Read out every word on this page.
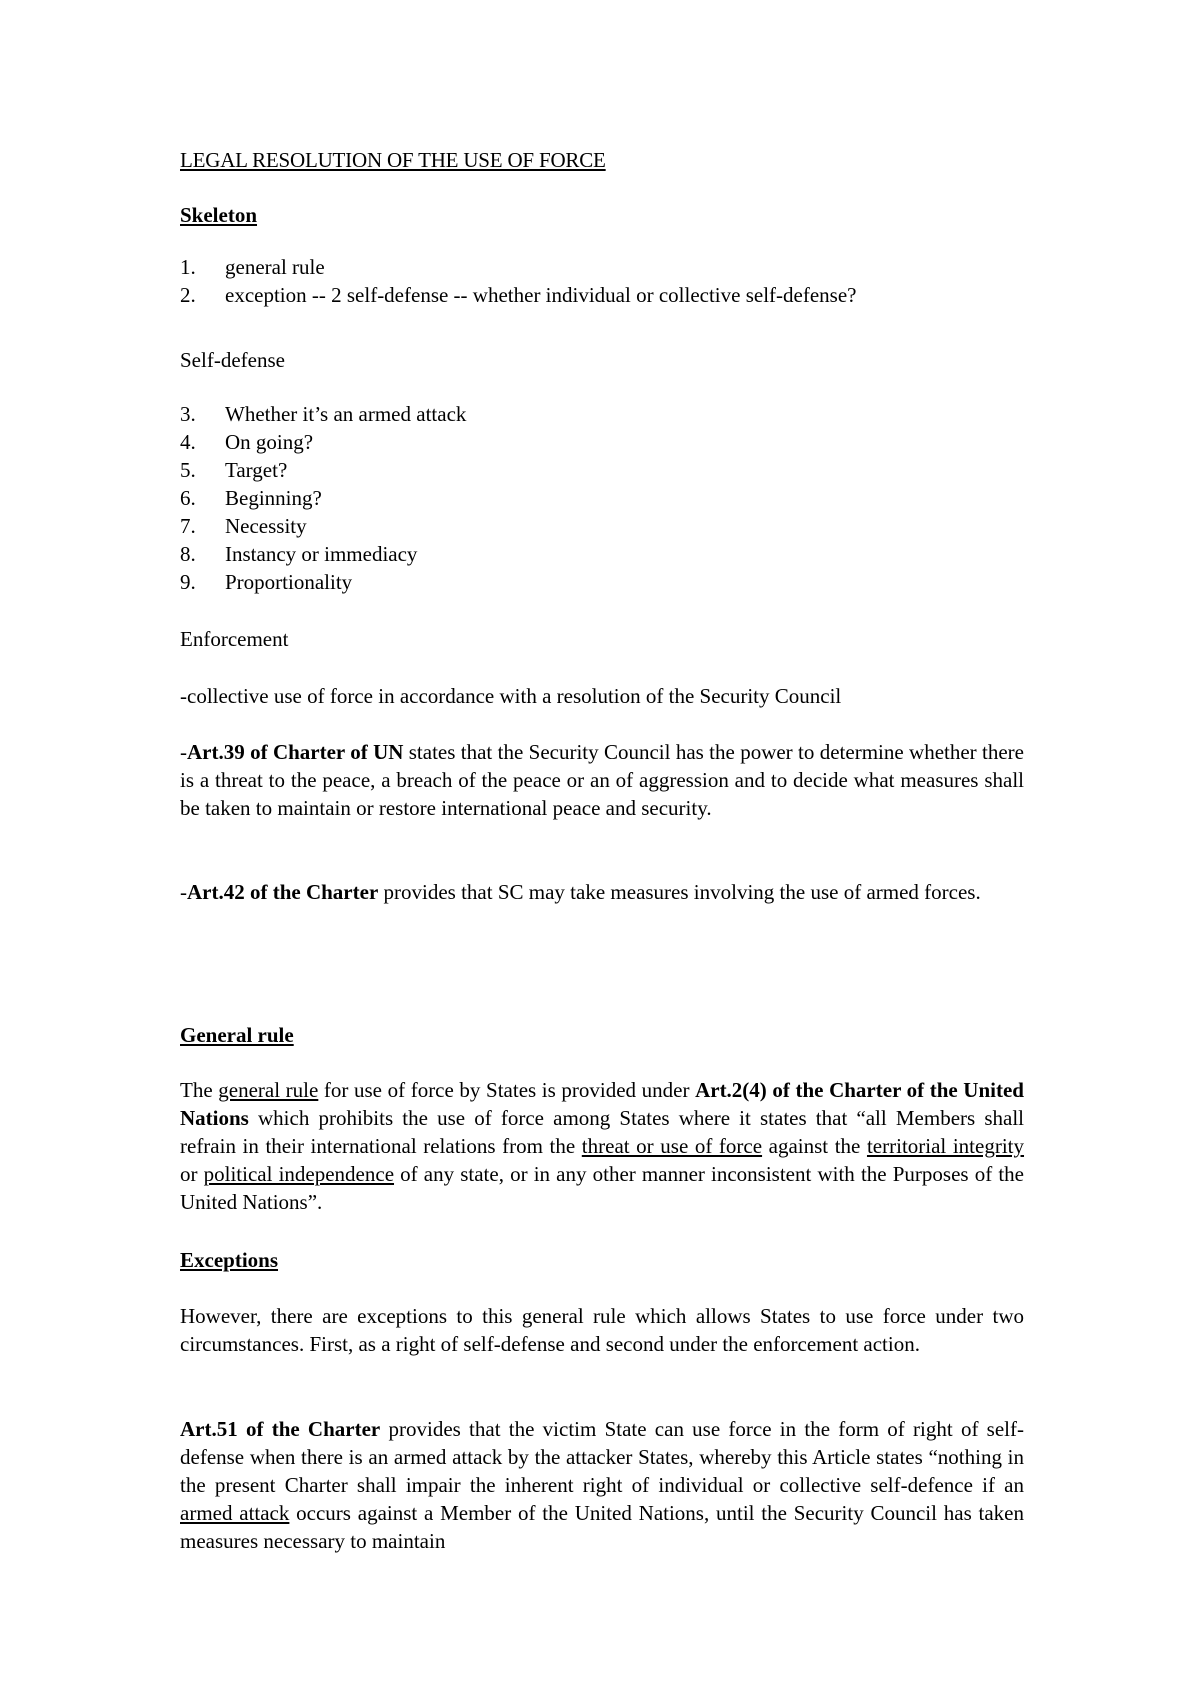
LEGAL RESOLUTION OF THE USE OF FORCE
Skeleton
1. general rule
2. exception -- 2 self-defense -- whether individual or collective self-defense?
Self-defense
3. Whether it’s an armed attack
4. On going?
5. Target?
6. Beginning?
7. Necessity
8. Instancy or immediacy
9. Proportionality
Enforcement

-collective use of force in accordance with a resolution of the Security Council

-Art.39 of Charter of UN states that the Security Council has the power to determine whether there is a threat to the peace, a breach of the peace or an of aggression and to decide what measures shall be taken to maintain or restore international peace and security.

-Art.42 of the Charter provides that SC may take measures involving the use of armed forces.

General rule

The general rule for use of force by States is provided under Art.2(4) of the Charter of the United Nations which prohibits the use of force among States where it states that “all Members shall refrain in their international relations from the threat or use of force against the territorial integrity or political independence of any state, or in any other manner inconsistent with the Purposes of the United Nations”.

Exceptions

However, there are exceptions to this general rule which allows States to use force under two circumstances. First, as a right of self-defense and second under the enforcement action.

Art.51 of the Charter provides that the victim State can use force in the form of right of self-defense when there is an armed attack by the attacker States, whereby this Article states “nothing in the present Charter shall impair the inherent right of individual or collective self-defence if an armed attack occurs against a Member of the United Nations, until the Security Council has taken measures necessary to maintain
